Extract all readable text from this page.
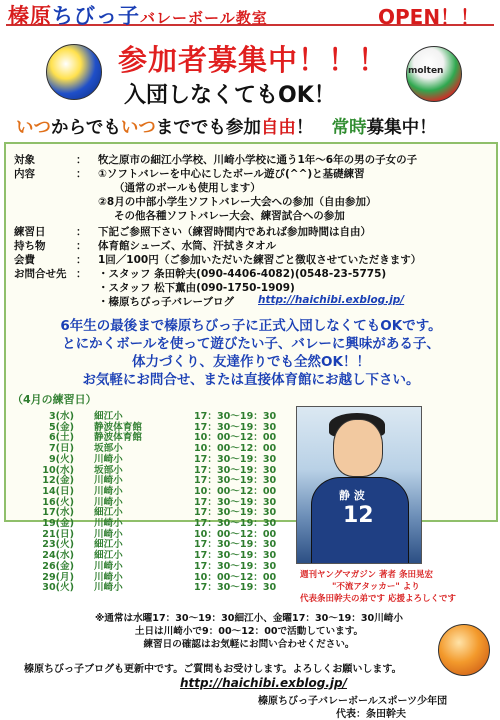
榛原ちびっ子バレーボール教室	OPEN！！
molten
参加者募集中！！！
入団しなくてもOK！
いつからでもいつまででも参加自由！ 常時募集中！
対象	： 牧之原市の細江小学校、川崎小学校に通う1年～6年の男の子女の子
内容	： ①ソフトバレーを中心にしたボール遊び(^^)と基礎練習
（通常のボールも使用します）
②8月の中部小学生ソフトバレー大会への参加（自由参加）
その他各種ソフトバレー大会、練習試合への参加
練習日	： 下記ご参照下さい（練習時間内であれば参加時間は自由）
持ち物	： 体育館シューズ、水筒、汗拭きタオル
会費	： 1回／100円（ご参加いただいた練習ごと徴収させていただきます）
お問合せ先 ： ・スタッフ 条田幹夫(090-4406-4082)(0548-23-5775)
・スタッフ 松下薫由(090-1750-1909)
・榛原ちびっ子バレーブログ http://haichibi.exblog.jp/
6年生の最後まで榛原ちびっ子に正式入団しなくてもOKです。
とにかくボールを使って遊びたい子、バレーに興味がある子、
体力づくり、友達作りでも全然OK！！
お気軽にお問合せ、または直接体育館にお越し下さい。
（4月の練習日）
3(水) 細江小	17：30～19：30
5(金) 静波体育館	17：30～19：30
6(土) 静波体育館	10：00～12：00
7(日) 坂部小	10：00～12：00
9(火) 川崎小	17：30～19：30
10(水) 坂部小	17：30～19：30
12(金) 川崎小	17：30～19：30
14(日) 川崎小	10：00～12：00
16(火) 川崎小	17：30～19：30
17(水) 細江小	17：30～19：30
19(金) 川崎小	17：30～19：30
21(日) 川崎小	10：00～12：00
23(火) 細江小	17：30～19：30
24(水) 細江小	17：30～19：30
26(金) 川崎小	17：30～19：30
29(月) 川崎小	10：00～12：00
30(火) 川崎小	17：30～19：30
静 波
12
週刊ヤングマガジン 著者 条田晃宏
"不流アタッカー" より
代表条田幹夫の弟です 応援よろしくです
※通常は水曜17：30～19：30細江小、金曜17：30～19：30川崎小
土日は川崎小で9：00～12：00で活動しています。
練習日の確認はお気軽にお問い合わせください。
榛原ちびっ子ブログも更新中です。ご質問もお受けします。よろしくお願いします。
http://haichibi.exblog.jp/
榛原ちびっ子バレーボールスポーツ少年団
代表：条田幹夫
